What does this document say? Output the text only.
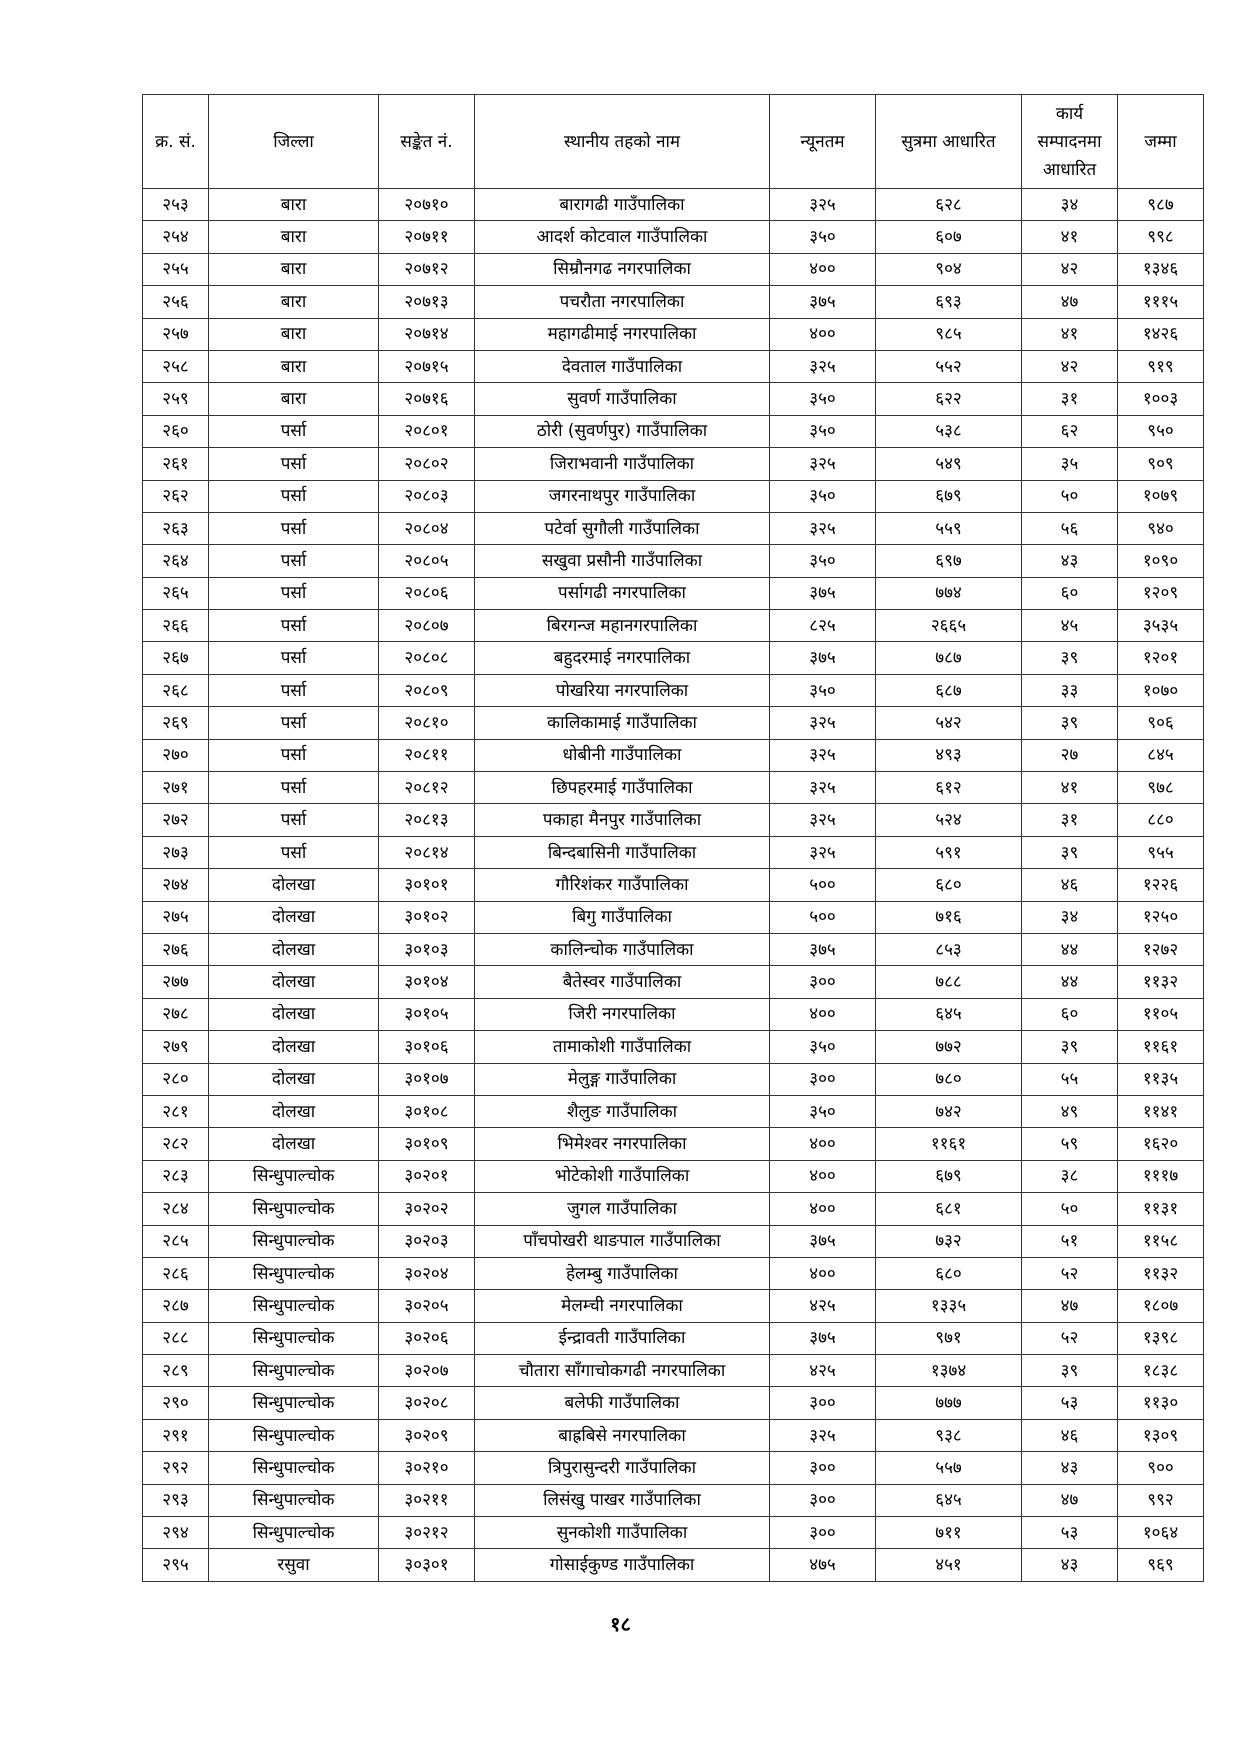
क्र. सं.	जिल्ला	सङ्केत नं.	स्थानीय तहको नाम	न्यूनतम	सुत्रमा आधारित	कार्य सम्पादनमा आधारित	जम्मा
२५३	बारा	२०७१०	बारागढी गाउँपालिका	३२५	६२८	३४	९८७
२५४	बारा	२०७११	आदर्श कोटवाल गाउँपालिका	३५०	६०७	४१	९९८
२५५	बारा	२०७१२	सिम्रौनगढ नगरपालिका	४००	९०४	४२	१३४६
२५६	बारा	२०७१३	पचरौता नगरपालिका	३७५	६९३	४७	१११५
२५७	बारा	२०७१४	महागढीमाई नगरपालिका	४००	९८५	४१	१४२६
२५८	बारा	२०७१५	देवताल गाउँपालिका	३२५	५५२	४२	९१९
२५९	बारा	२०७१६	सुवर्ण गाउँपालिका	३५०	६२२	३१	१००३
२६०	पर्सा	२०८०१	ठोरी (सुवर्णपुर) गाउँपालिका	३५०	५३८	६२	९५०
२६१	पर्सा	२०८०२	जिराभवानी गाउँपालिका	३२५	५४९	३५	९०९
२६२	पर्सा	२०८०३	जगरनाथपुर गाउँपालिका	३५०	६७९	५०	१०७९
२६३	पर्सा	२०८०४	पटेर्वा सुगौली गाउँपालिका	३२५	५५९	५६	९४०
२६४	पर्सा	२०८०५	सखुवा प्रसौनी गाउँपालिका	३५०	६९७	४३	१०९०
२६५	पर्सा	२०८०६	पर्सागढी नगरपालिका	३७५	७७४	६०	१२०९
२६६	पर्सा	२०८०७	बिरगन्ज महानगरपालिका	८२५	२६६५	४५	३५३५
२६७	पर्सा	२०८०८	बहुदरमाई नगरपालिका	३७५	७८७	३९	१२०१
२६८	पर्सा	२०८०९	पोखरिया नगरपालिका	३५०	६८७	३३	१०७०
२६९	पर्सा	२०८१०	कालिकामाई गाउँपालिका	३२५	५४२	३९	९०६
२७०	पर्सा	२०८११	धोबीनी गाउँपालिका	३२५	४९३	२७	८४५
२७१	पर्सा	२०८१२	छिपहरमाई गाउँपालिका	३२५	६१२	४१	९७८
२७२	पर्सा	२०८१३	पकाहा मैनपुर गाउँपालिका	३२५	५२४	३१	८८०
२७३	पर्सा	२०८१४	बिन्दबासिनी गाउँपालिका	३२५	५९१	३९	९५५
२७४	दोलखा	३०१०१	गौरिशंकर गाउँपालिका	५००	६८०	४६	१२२६
२७५	दोलखा	३०१०२	बिगु गाउँपालिका	५००	७१६	३४	१२५०
२७६	दोलखा	३०१०३	कालिन्चोक गाउँपालिका	३७५	८५३	४४	१२७२
२७७	दोलखा	३०१०४	बैतेस्वर गाउँपालिका	३००	७८८	४४	११३२
२७८	दोलखा	३०१०५	जिरी नगरपालिका	४००	६४५	६०	११०५
२७९	दोलखा	३०१०६	तामाकोशी गाउँपालिका	३५०	७७२	३९	११६१
२८०	दोलखा	३०१०७	मेलुङ्ग गाउँपालिका	३००	७८०	५५	११३५
२८१	दोलखा	३०१०८	शैलुङ गाउँपालिका	३५०	७४२	४९	११४१
२८२	दोलखा	३०१०९	भिमेश्वर नगरपालिका	४००	११६१	५९	१६२०
२८३	सिन्धुपाल्चोक	३०२०१	भोटेकोशी गाउँपालिका	४००	६७९	३८	१११७
२८४	सिन्धुपाल्चोक	३०२०२	जुगल गाउँपालिका	४००	६८१	५०	११३१
२८५	सिन्धुपाल्चोक	३०२०३	पाँचपोखरी थाङपाल गाउँपालिका	३७५	७३२	५१	११५८
२८६	सिन्धुपाल्चोक	३०२०४	हेलम्बु गाउँपालिका	४००	६८०	५२	११३२
२८७	सिन्धुपाल्चोक	३०२०५	मेलम्ची नगरपालिका	४२५	१३३५	४७	१८०७
२८८	सिन्धुपाल्चोक	३०२०६	ईन्द्रावती गाउँपालिका	३७५	९७१	५२	१३९८
२८९	सिन्धुपाल्चोक	३०२०७	चौतारा साँगाचोकगढी नगरपालिका	४२५	१३७४	३९	१८३८
२९०	सिन्धुपाल्चोक	३०२०८	बलेफी गाउँपालिका	३००	७७७	५३	११३०
२९१	सिन्धुपाल्चोक	३०२०९	बाह्रबिसे नगरपालिका	३२५	९३८	४६	१३०९
२९२	सिन्धुपाल्चोक	३०२१०	त्रिपुरासुन्दरी गाउँपालिका	३००	५५७	४३	९००
२९३	सिन्धुपाल्चोक	३०२११	लिसंखु पाखर गाउँपालिका	३००	६४५	४७	९९२
२९४	सिन्धुपाल्चोक	३०२१२	सुनकोशी गाउँपालिका	३००	७११	५३	१०६४
२९५	रसुवा	३०३०१	गोसाईकुण्ड गाउँपालिका	४७५	४५१	४३	९६९
१८
